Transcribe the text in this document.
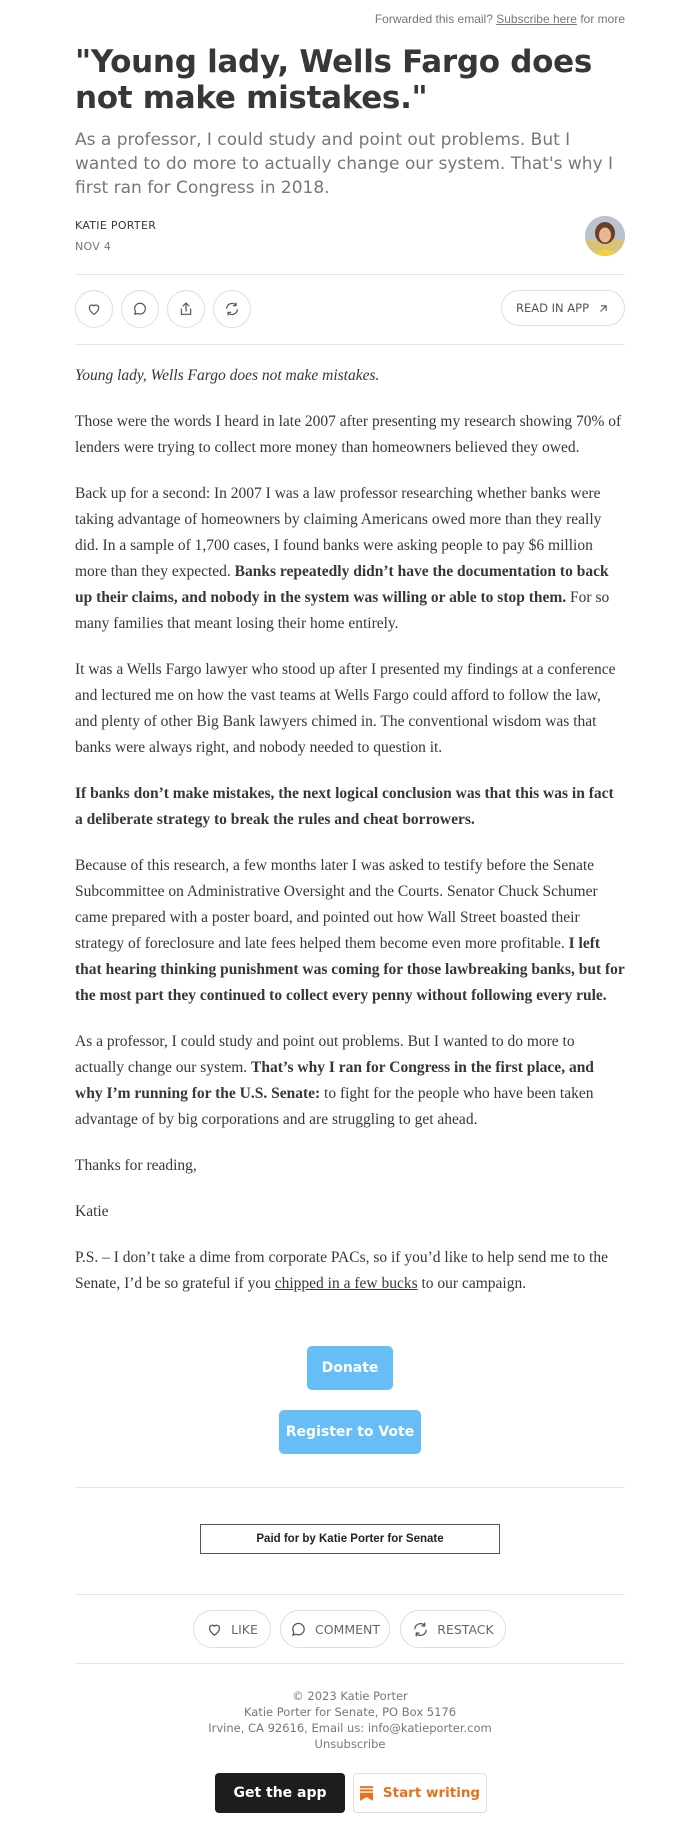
Forwarded this email? Subscribe here for more
"Young lady, Wells Fargo does not make mistakes."

As a professor, I could study and point out problems. But I wanted to do more to actually change our system. That's why I first ran for Congress in 2018.

KATIE PORTER
NOV 4
READ IN APP

Young lady, Wells Fargo does not make mistakes.

Those were the words I heard in late 2007 after presenting my research showing 70% of lenders were trying to collect more money than homeowners believed they owed.

Back up for a second: In 2007 I was a law professor researching whether banks were taking advantage of homeowners by claiming Americans owed more than they really did. In a sample of 1,700 cases, I found banks were asking people to pay $6 million more than they expected. Banks repeatedly didn’t have the documentation to back up their claims, and nobody in the system was willing or able to stop them. For so many families that meant losing their home entirely.

It was a Wells Fargo lawyer who stood up after I presented my findings at a conference and lectured me on how the vast teams at Wells Fargo could afford to follow the law, and plenty of other Big Bank lawyers chimed in. The conventional wisdom was that banks were always right, and nobody needed to question it.

If banks don’t make mistakes, the next logical conclusion was that this was in fact a deliberate strategy to break the rules and cheat borrowers.

Because of this research, a few months later I was asked to testify before the Senate Subcommittee on Administrative Oversight and the Courts. Senator Chuck Schumer came prepared with a poster board, and pointed out how Wall Street boasted their strategy of foreclosure and late fees helped them become even more profitable. I left that hearing thinking punishment was coming for those lawbreaking banks, but for the most part they continued to collect every penny without following every rule.

As a professor, I could study and point out problems. But I wanted to do more to actually change our system. That’s why I ran for Congress in the first place, and why I’m running for the U.S. Senate: to fight for the people who have been taken advantage of by big corporations and are struggling to get ahead.

Thanks for reading,

Katie

P.S. – I don’t take a dime from corporate PACs, so if you’d like to help send me to the Senate, I’d be so grateful if you chipped in a few bucks to our campaign.

Donate
Register to Vote
Paid for by Katie Porter for Senate
LIKE	COMMENT	RESTACK
© 2023 Katie Porter
Katie Porter for Senate, PO Box 5176
Irvine, CA 92616, Email us: info@katieporter.com
Unsubscribe
Get the app	Start writing
